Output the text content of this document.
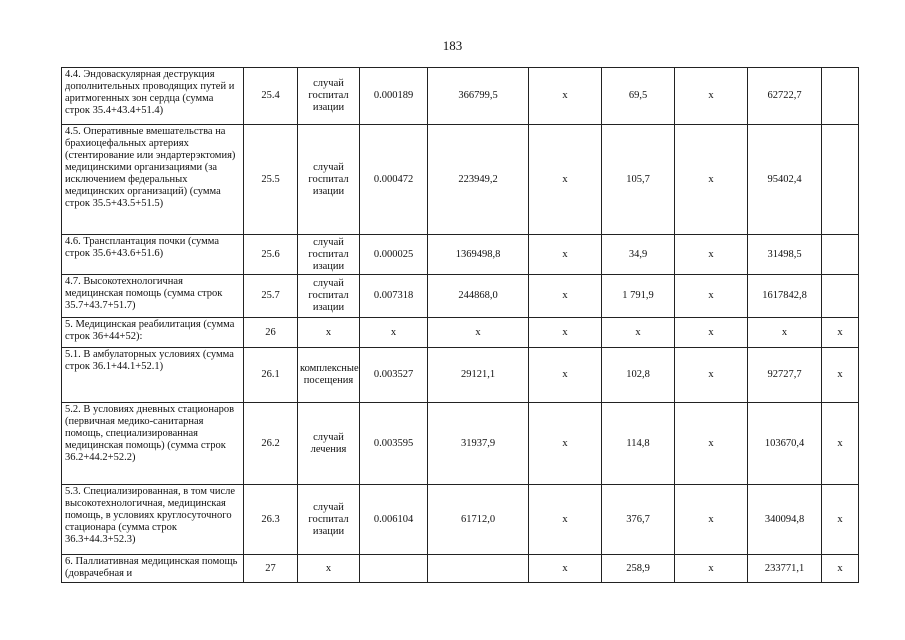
183
4.4. Эндоваскулярная деструкция дополнительных проводящих путей и аритмогенных зон сердца (сумма строк 35.4+43.4+51.4)	25.4	случай госпитал изации	0.000189	366799,5	х	69,5	х	62722,7	
4.5. Оперативные вмешательства на брахиоцефальных артериях (стентирование или эндартерэктомия) медицинскими организациями (за исключением федеральных медицинских организаций) (сумма строк 35.5+43.5+51.5)	25.5	случай госпитал изации	0.000472	223949,2	х	105,7	х	95402,4	
4.6. Трансплантация почки (сумма строк 35.6+43.6+51.6)	25.6	случай госпитал изации	0.000025	1369498,8	х	34,9	х	31498,5	
4.7. Высокотехнологичная медицинская помощь (сумма строк 35.7+43.7+51.7)	25.7	случай госпитал изации	0.007318	244868,0	х	1 791,9	х	1617842,8	
5. Медицинская реабилитация (сумма строк 36+44+52):	26	х	х	х	х	х	х	х	х
5.1. В амбулаторных условиях (сумма строк 36.1+44.1+52.1)	26.1	комплексные посещения	0.003527	29121,1	х	102,8	х	92727,7	х
5.2. В условиях дневных стационаров (первичная медико-санитарная помощь, специализированная медицинская помощь) (сумма строк 36.2+44.2+52.2)	26.2	случай лечения	0.003595	31937,9	х	114,8	х	103670,4	х
5.3. Специализированная, в том числе высокотехнологичная, медицинская помощь, в условиях круглосуточного стационара (сумма строк 36.3+44.3+52.3)	26.3	случай госпитал изации	0.006104	61712,0	х	376,7	х	340094,8	х
6. Паллиативная медицинская помощь (доврачебная и	27	х			х	258,9	х	233771,1	х
